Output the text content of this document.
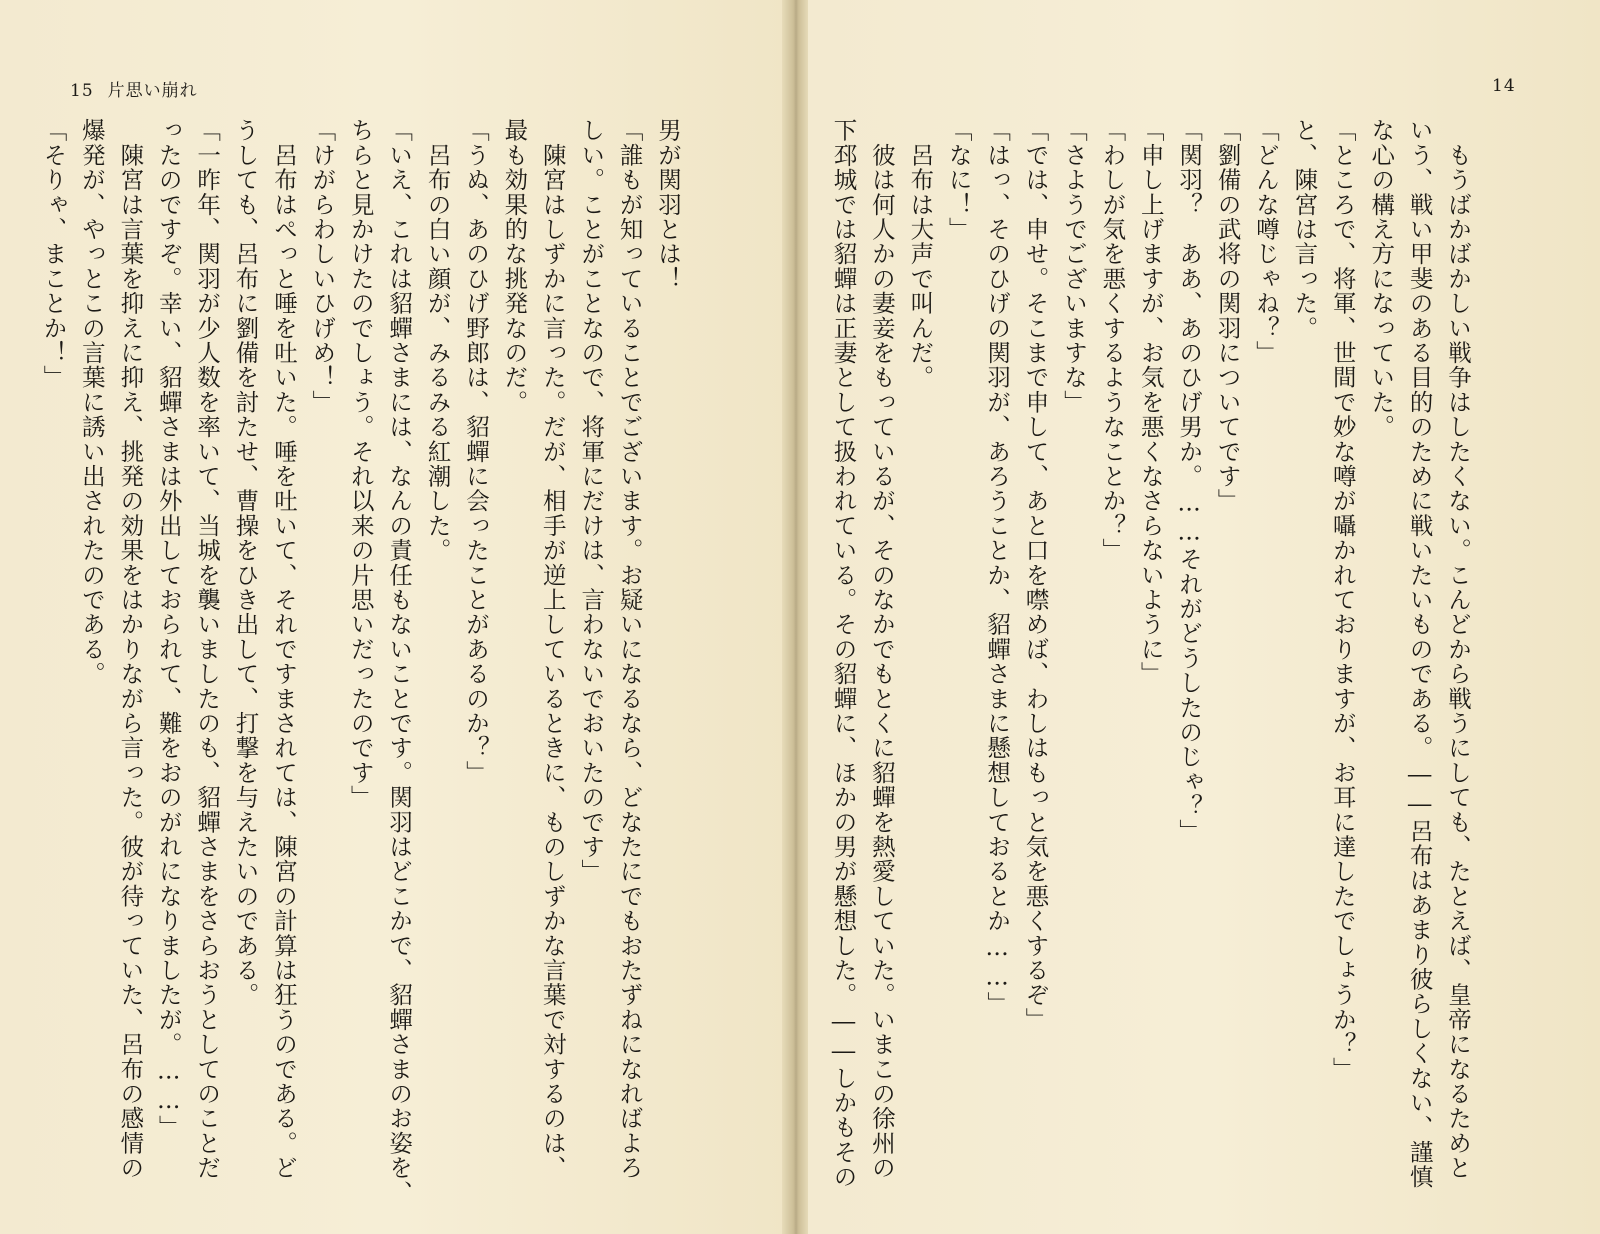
15 片思い崩れ	14
男が関羽とは！
「誰もが知っていることでございます。お疑いになるなら、どなたにでもおたずねになればよろ
しい。ことがことなので、将軍にだけは、言わないでおいたのです」
　陳宮はしずかに言った。だが、相手が逆上しているときに、ものしずかな言葉で対するのは、
最も効果的な挑発なのだ。
「うぬ、あのひげ野郎は、貂蟬に会ったことがあるのか？」
　呂布の白い顔が、みるみる紅潮した。
「いえ、これは貂蟬さまには、なんの責任もないことです。関羽はどこかで、貂蟬さまのお姿を、
ちらと見かけたのでしょう。それ以来の片思いだったのです」
「けがらわしいひげめ！」
　呂布はぺっと唾を吐いた。唾を吐いて、それですまされては、陳宮の計算は狂うのである。ど
うしても、呂布に劉備を討たせ、曹操をひき出して、打撃を与えたいのである。
「一昨年、関羽が少人数を率いて、当城を襲いましたのも、貂蟬さまをさらおうとしてのことだ
ったのですぞ。幸い、貂蟬さまは外出しておられて、難をおのがれになりましたが。……」
　陳宮は言葉を抑えに抑え、挑発の効果をはかりながら言った。彼が待っていた、呂布の感情の
爆発が、やっとこの言葉に誘い出されたのである。
「そりゃ、まことか！」	　もうばかばかしい戦争はしたくない。こんどから戦うにしても、たとえば、皇帝になるためと
いう、戦い甲斐のある目的のために戦いたいものである。――呂布はあまり彼らしくない、謹慎
な心の構え方になっていた。
「ところで、将軍、世間で妙な噂が囁かれておりますが、お耳に達したでしょうか？」
と、陳宮は言った。
「どんな噂じゃね？」
「劉備の武将の関羽についてです」
「関羽？　ああ、あのひげ男か。……それがどうしたのじゃ？」
「申し上げますが、お気を悪くなさらないように」
「わしが気を悪くするようなことか？」
「さようでございますな」
「では、申せ。そこまで申して、あと口を噤めば、わしはもっと気を悪くするぞ」
「はっ、そのひげの関羽が、あろうことか、貂蟬さまに懸想しておるとか……」
「なに！」
　呂布は大声で叫んだ。
　彼は何人かの妻妾をもっているが、そのなかでもとくに貂蟬を熱愛していた。いまこの徐州の
下邳城では貂蟬は正妻として扱われている。その貂蟬に、ほかの男が懸想した。――しかもその
